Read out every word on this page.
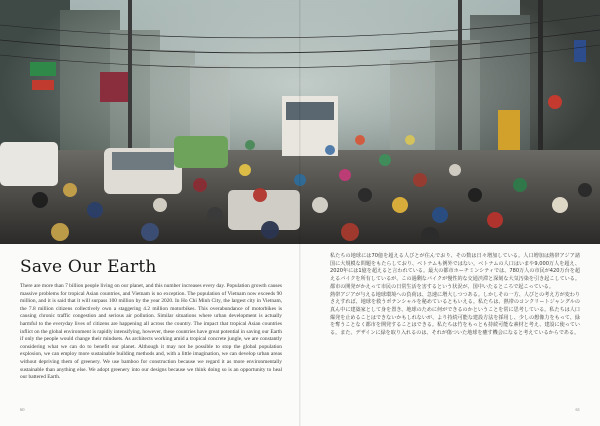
Save Our Earth

There are more than 7 billion people living on our planet, and this number increases every day. Population growth causes massive problems for tropical Asian countries, and Vietnam is no exception. The population of Vietnam now exceeds 90 million, and it is said that it will surpass 100 million by the year 2020. In Ho Chi Minh City, the largest city in Vietnam, the 7.8 million citizens collectively own a staggering 4.2 million motorbikes. This overabundance of motorbikes is causing chronic traffic congestion and serious air pollution. Similar situations where urban development is actually harmful to the everyday lives of citizens are happening all across the country. The impact that tropical Asian countries inflict on the global environment is rapidly intensifying, however, these countries have great potential in saving our Earth if only the people would change their mindsets. As architects working amid a tropical concrete jungle, we are constantly considering what we can do to benefit our planet. Although it may not be possible to stop the global population explosion, we can employ more sustainable building methods and, with a little imagination, we can develop urban areas without depriving them of greenery. We use bamboo for construction because we regard it as more environmentally sustainable than anything else. We adopt greenery into our designs because we think doing so is an opportunity to heal our battered Earth.

私たちの地球には70億を超える人びとが住んでおり、その数は日々増加している。人口増加は熱帯アジア諸国に大規模な問題をもたらしており、ベトナムも例外ではない。ベトナムの人口はいまや9,000万人を超え、2020年には1億を超えると言われている。最大の都市ホーチミンシティでは、780万人の市民が420万台を超えるバイクを所有しているが、この過剰なバイクが慢性的な交通渋滞と深刻な大気汚染を引き起こしている。都市の開発がかえって市民の日常生活を害するという状況が、国中いたるところで起こっている。

熱帯アジアが与える地球環境への負荷は、急速に増大しつつある。しかしその一方、人びとの考え方が変わりさえすれば、地球を救うポテンシャルを秘めているともいえる。私たちは、熱帯のコンクリートジャングルの真ん中に建築家として身を置き、地球のために何ができるのかということを常に思考している。私たちは人口爆発を止めることはできないかもしれないが、より持続可能な建設方法を採用し、少しの想像力をもって、緑を奪うことなく都市を開発することはできる。私たちは竹をもっとも持続可能な素材と考え、建設に使っている。また、デザインに緑を取り入れるのは、それが傷ついた地球を癒す機会になると考えているからである。

60	61
